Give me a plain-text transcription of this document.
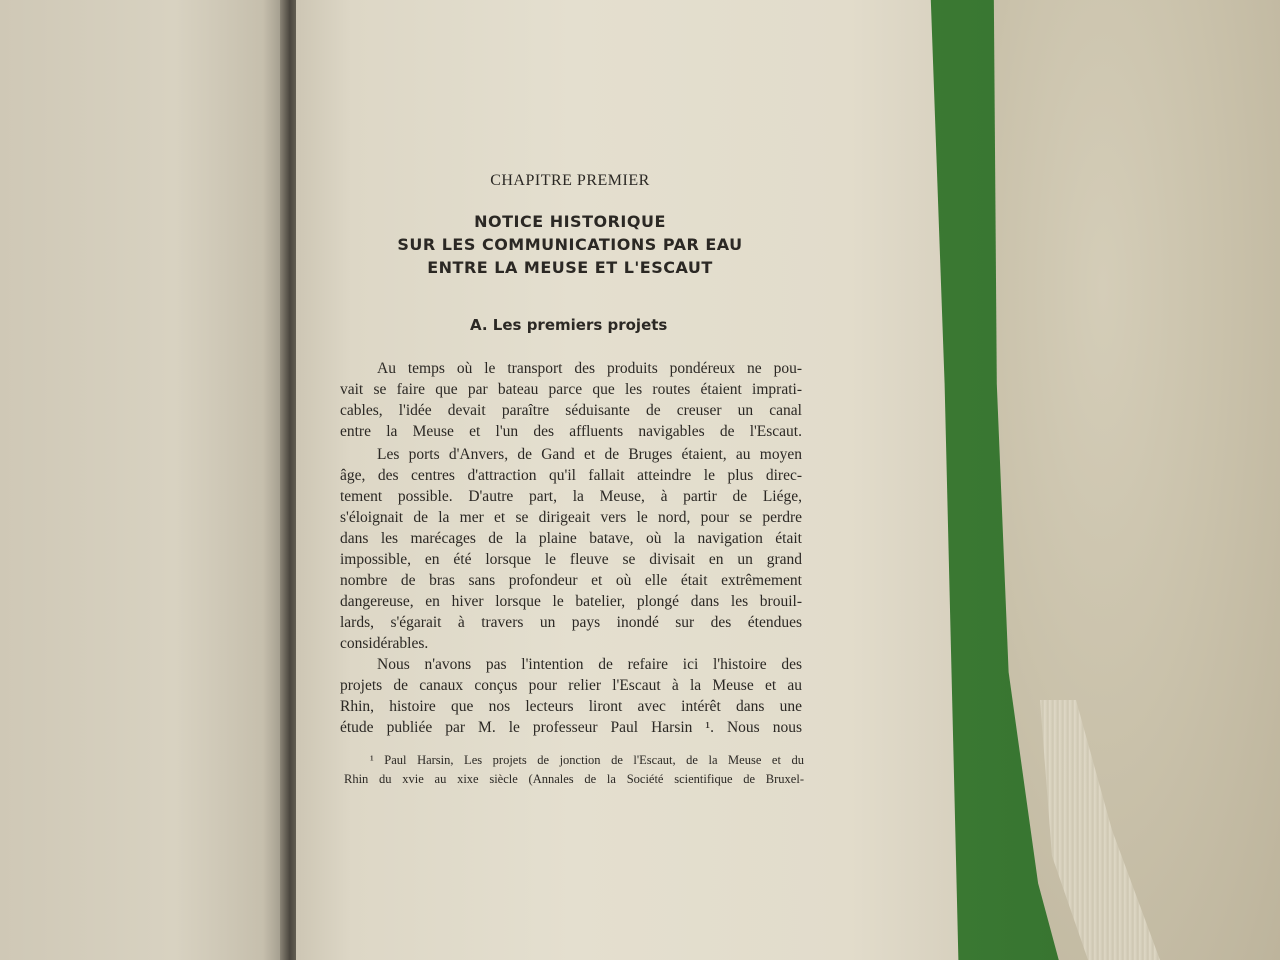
CHAPITRE PREMIER
NOTICE HISTORIQUE
SUR LES COMMUNICATIONS PAR EAU
ENTRE LA MEUSE ET L'ESCAUT
A. Les premiers projets
Au temps où le transport des produits pondéreux ne pou-
vait se faire que par bateau parce que les routes étaient imprati-
cables, l'idée devait paraître séduisante de creuser un canal
entre la Meuse et l'un des affluents navigables de l'Escaut.
Les ports d'Anvers, de Gand et de Bruges étaient, au moyen
âge, des centres d'attraction qu'il fallait atteindre le plus direc-
tement possible. D'autre part, la Meuse, à partir de Liége,
s'éloignait de la mer et se dirigeait vers le nord, pour se perdre
dans les marécages de la plaine batave, où la navigation était
impossible, en été lorsque le fleuve se divisait en un grand
nombre de bras sans profondeur et où elle était extrêmement
dangereuse, en hiver lorsque le batelier, plongé dans les brouil-
lards, s'égarait à travers un pays inondé sur des étendues
considérables.
Nous n'avons pas l'intention de refaire ici l'histoire des
projets de canaux conçus pour relier l'Escaut à la Meuse et au
Rhin, histoire que nos lecteurs liront avec intérêt dans une
étude publiée par M. le professeur Paul Harsin ¹. Nous nous
¹ Paul Harsin, Les projets de jonction de l'Escaut, de la Meuse et du
Rhin du xvie au xixe siècle (Annales de la Société scientifique de Bruxel-
